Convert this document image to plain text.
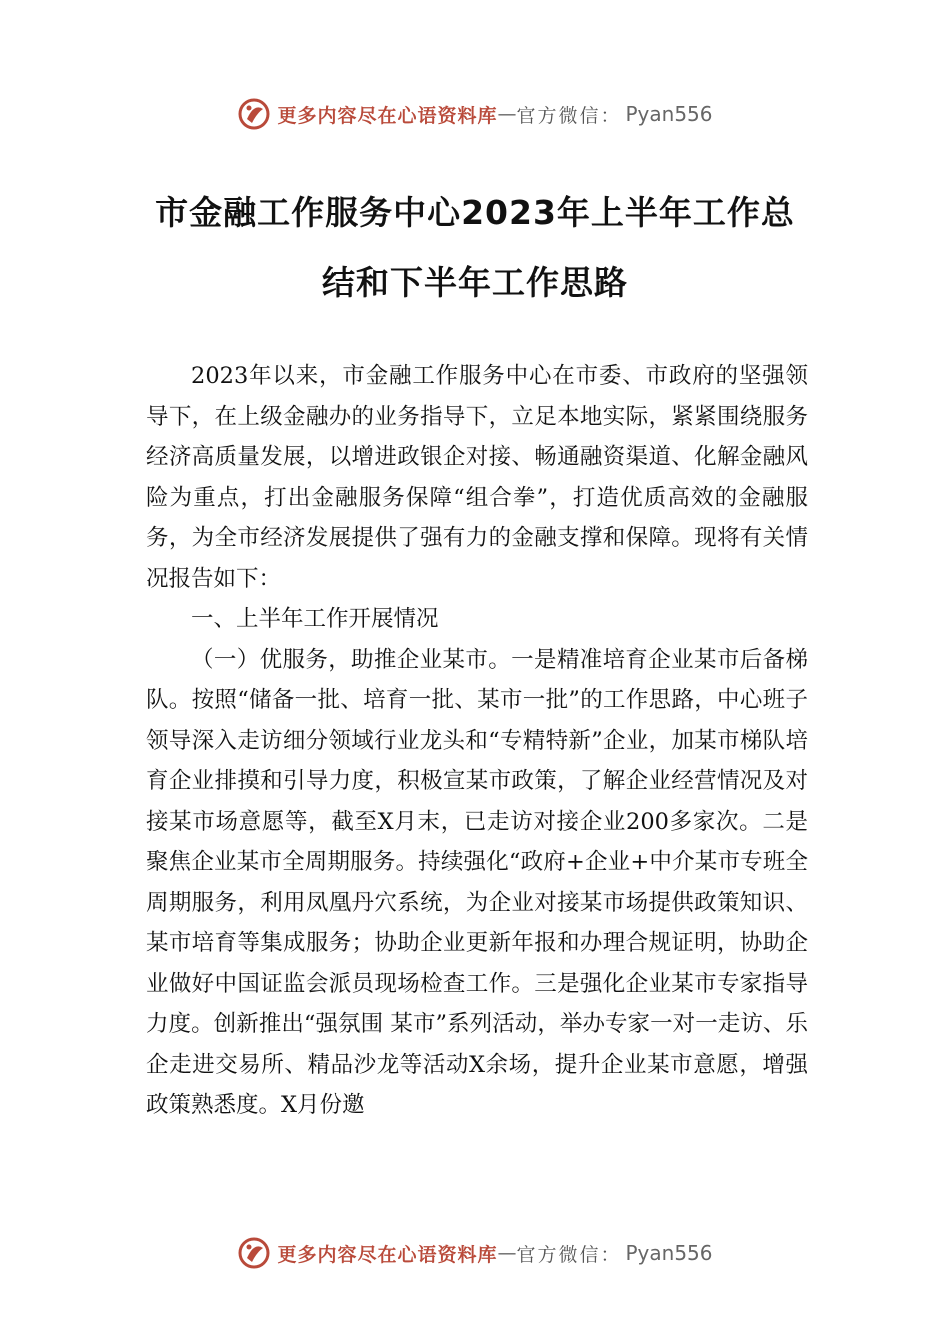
更多内容尽在心语资料库 — 官方微信： Pyan556
市金融工作服务中心2023年上半年工作总
结和下半年工作思路

2023年以来，市金融工作服务中心在市委、市政府的坚强领导下，在上级金融办的业务指导下，立足本地实际，紧紧围绕服务经济高质量发展，以增进政银企对接、畅通融资渠道、化解金融风险为重点，打出金融服务保障“组合拳”，打造优质高效的金融服务，为全市经济发展提供了强有力的金融支撑和保障。现将有关情况报告如下：

一、上半年工作开展情况

（一）优服务，助推企业某市。一是精准培育企业某市后备梯队。按照“储备一批、培育一批、某市一批”的工作思路，中心班子领导深入走访细分领域行业龙头和“专精特新”企业，加某市梯队培育企业排摸和引导力度，积极宣某市政策，了解企业经营情况及对接某市场意愿等，截至X月末，已走访对接企业200多家次。二是聚焦企业某市全周期服务。持续强化“政府+企业+中介某市专班全周期服务，利用凤凰丹穴系统，为企业对接某市场提供政策知识、某市培育等集成服务；协助企业更新年报和办理合规证明，协助企业做好中国证监会派员现场检查工作。三是强化企业某市专家指导力度。创新推出“强氛围 某市”系列活动，举办专家一对一走访、乐企走进交易所、精品沙龙等活动X余场，提升企业某市意愿，增强政策熟悉度。X月份邀

更多内容尽在心语资料库 — 官方微信： Pyan556
